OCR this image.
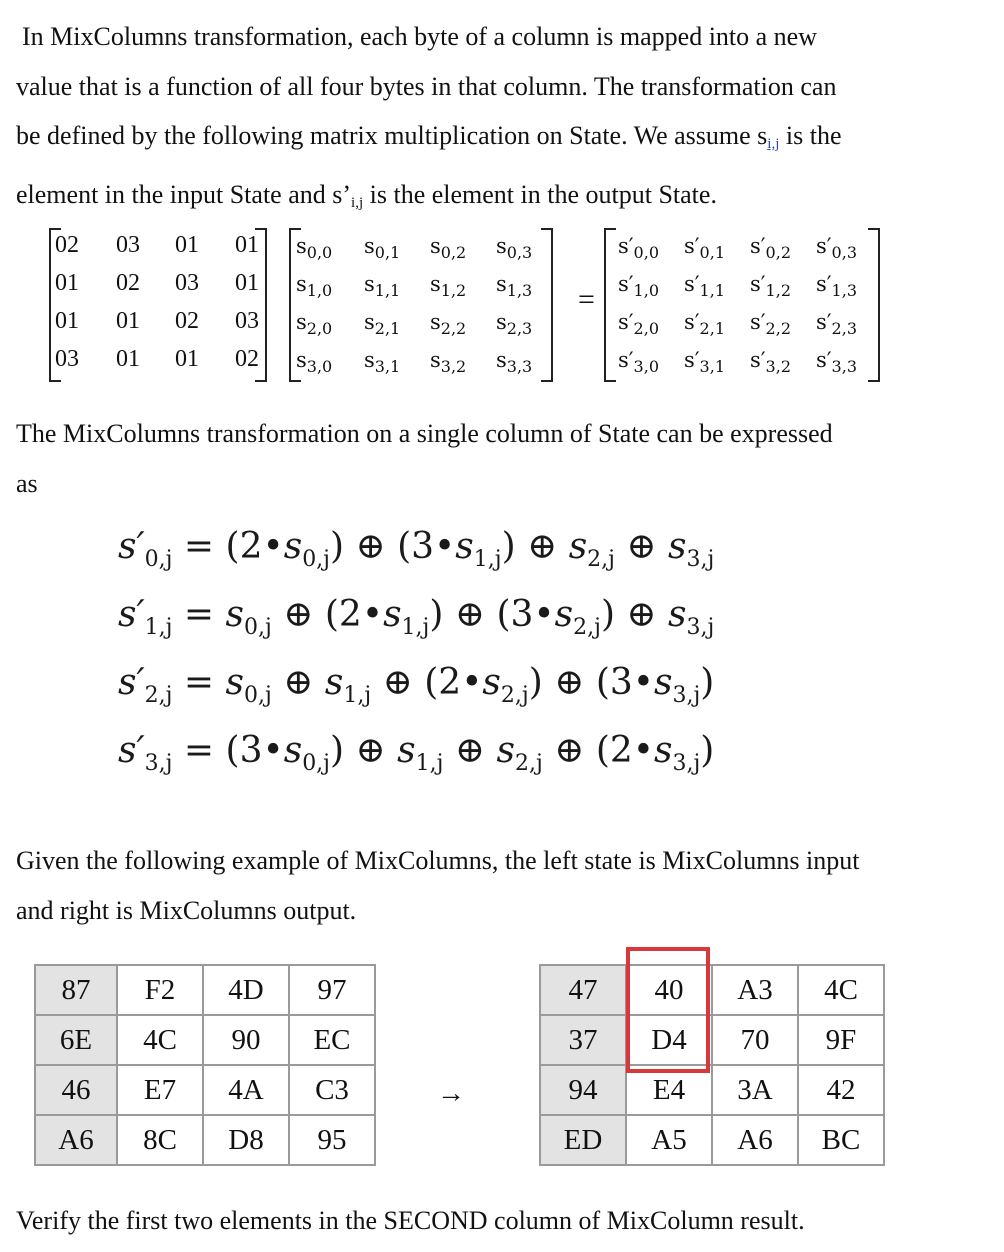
In MixColumns transformation, each byte of a column is mapped into a new
value that is a function of all four bytes in that column. The transformation can
be defined by the following matrix multiplication on State. We assume si,j is the
element in the input State and $s’_{i,j}$ is the element in the output State.
02	03	01	01
01	02	03	01
01	01	02	03
03	01	01	02
$s_{0,0}$ $s_{0,1}$ $s_{0,2}$ $s_{0,3}$
$s_{1,0}$ $s_{1,1}$ $s_{1,2}$ $s_{1,3}$
$s_{2,0}$ $s_{2,1}$ $s_{2,2}$ $s_{2,3}$
$s_{3,0}$ $s_{3,1}$ $s_{3,2}$ $s_{3,3}$
=
$s'_{0,0}$ $s'_{0,1}$ $s'_{0,2}$ $s'_{0,3}$
$s'_{1,0}$ $s'_{1,1}$ $s'_{1,2}$ $s'_{1,3}$
$s'_{2,0}$ $s'_{2,1}$ $s'_{2,2}$ $s'_{2,3}$
$s'_{3,0}$ $s'_{3,1}$ $s'_{3,2}$ $s'_{3,3}$
The MixColumns transformation on a single column of State can be expressed
as
$s'_{0,j}$ = $(2•s_{0,j})$ ⊕ $(3•s_{1,j})$ ⊕ $s_{2,j}$ ⊕ $s_{3,j}$
$s'_{1,j} = s_{0,j}$ ⊕ $(2•s_{1,j})$ ⊕ $(3•s_{2,j})$ ⊕ $s_{3,j}$
$s'_{2,j} = s_{0,j}$ ⊕ $s_{1,j}$ ⊕ $(2•s_{2,j})$ ⊕ $(3•s_{3,j})$
$s'_{3,j}$ = $(3•s_{0,j})$ ⊕ $s_{1,j}$ ⊕ $s_{2,j}$ ⊕ $(2•s_{3,j})$
Given the following example of MixColumns, the left state is MixColumns input
and right is MixColumns output.
87	F2	4D	97
6E	4C	90	EC
46	E7	4A	C3
A6	8C	D8	95
→
47	40	A3	4C
37	D4	70	9F
94	E4	3A	42
ED	A5	A6	BC
Verify the first two elements in the SECOND column of MixColumn result.
